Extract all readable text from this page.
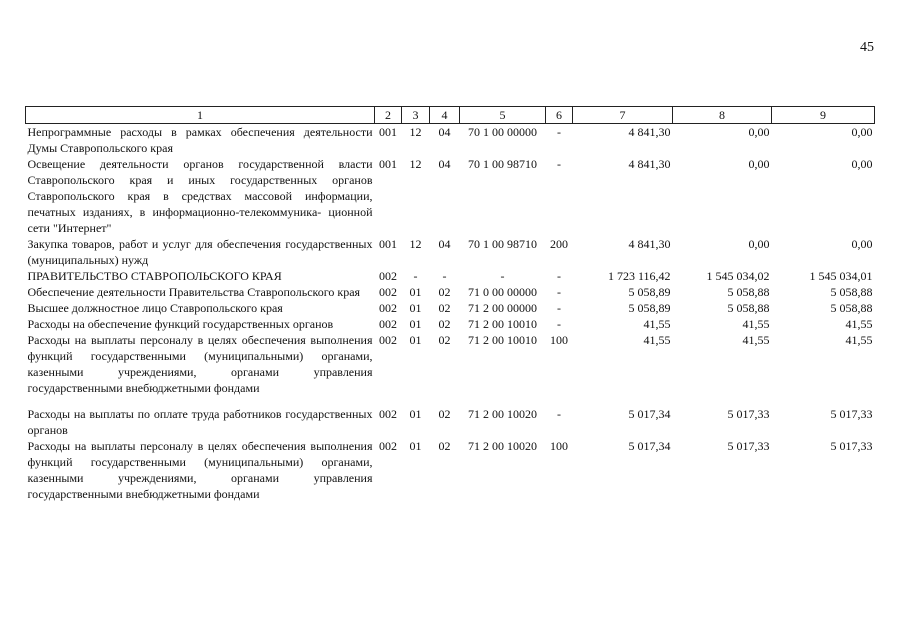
45
1	2	3	4	5	6	7	8	9
Непрограммные расходы в рамках обеспечения деятельности Думы Ставропольского края	001	12	04	70 1 00 00000	-	4 841,30	0,00	0,00
Освещение деятельности органов государственной власти Ставропольского края и иных государственных органов Ставропольского края в средствах массовой информации, печатных изданиях, в информационно-телекоммуника- ционной сети "Интернет"	001	12	04	70 1 00 98710	-	4 841,30	0,00	0,00
Закупка товаров, работ и услуг для обеспечения государственных (муниципальных) нужд	001	12	04	70 1 00 98710	200	4 841,30	0,00	0,00
ПРАВИТЕЛЬСТВО СТАВРОПОЛЬСКОГО КРАЯ	002	-	-	-	-	1 723 116,42	1 545 034,02	1 545 034,01
Обеспечение деятельности Правительства Ставропольского края	002	01	02	71 0 00 00000	-	5 058,89	5 058,88	5 058,88
Высшее должностное лицо Ставропольского края	002	01	02	71 2 00 00000	-	5 058,89	5 058,88	5 058,88
Расходы на обеспечение функций государственных органов	002	01	02	71 2 00 10010	-	41,55	41,55	41,55
Расходы на выплаты персоналу в целях обеспечения выполнения функций государственными (муниципальными) органами, казенными учреждениями, органами управления государственными внебюджетными фондами	002	01	02	71 2 00 10010	100	41,55	41,55	41,55

Расходы на выплаты по оплате труда работников государственных органов	002	01	02	71 2 00 10020	-	5 017,34	5 017,33	5 017,33
Расходы на выплаты персоналу в целях обеспечения выполнения функций государственными (муниципальными) органами, казенными учреждениями, органами управления государственными внебюджетными фондами	002	01	02	71 2 00 10020	100	5 017,34	5 017,33	5 017,33
